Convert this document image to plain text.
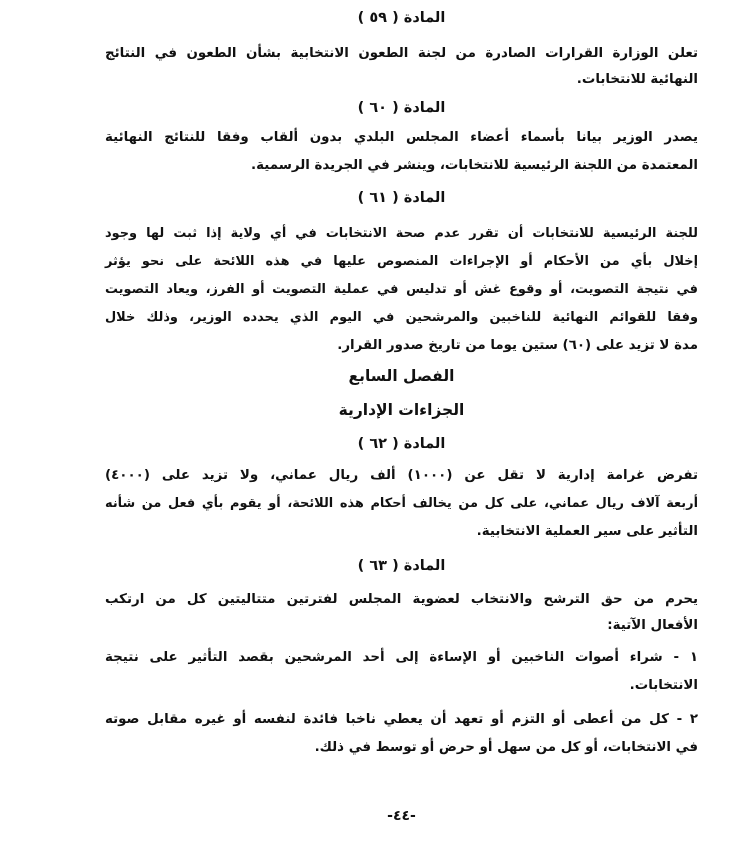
المادة ( ٥٩ )
تعلن الوزارة القرارات الصادرة من لجنة الطعون الانتخابية بشأن الطعون في النتائج
النهائية للانتخابات.
المادة ( ٦٠ )
يصدر الوزير بيانا بأسماء أعضاء المجلس البلدي بدون ألقاب وفقا للنتائج النهائية
المعتمدة من اللجنة الرئيسية للانتخابات، وينشر في الجريدة الرسمية.
المادة ( ٦١ )
للجنة الرئيسية للانتخابات أن تقرر عدم صحة الانتخابات في أي ولاية إذا ثبت لها وجود
إخلال بأي من الأحكام أو الإجراءات المنصوص عليها في هذه اللائحة على نحو يؤثر
في نتيجة التصويت، أو وقوع غش أو تدليس في عملية التصويت أو الفرز، ويعاد التصويت
وفقا للقوائم النهائية للناخبين والمرشحين في اليوم الذي يحدده الوزير، وذلك خلال
مدة لا تزيد على (٦٠) ستين يوما من تاريخ صدور القرار.
الفصل السابع
الجزاءات الإدارية
المادة ( ٦٢ )
تفرض غرامة إدارية لا تقل عن (١٠٠٠) ألف ريال عماني، ولا تزيد على (٤٠٠٠)
أربعة آلاف ريال عماني، على كل من يخالف أحكام هذه اللائحة، أو يقوم بأي فعل من شأنه
التأثير على سير العملية الانتخابية.
المادة ( ٦٣ )
يحرم من حق الترشح والانتخاب لعضوية المجلس لفترتين متتاليتين كل من ارتكب
الأفعال الآتية:
١ - شراء أصوات الناخبين أو الإساءة إلى أحد المرشحين بقصد التأثير على نتيجة
الانتخابات.
٢ - كل من أعطى أو التزم أو تعهد أن يعطي ناخبا فائدة لنفسه أو غيره مقابل صوته
في الانتخابات، أو كل من سهل أو حرض أو توسط في ذلك.
-٤٤-
